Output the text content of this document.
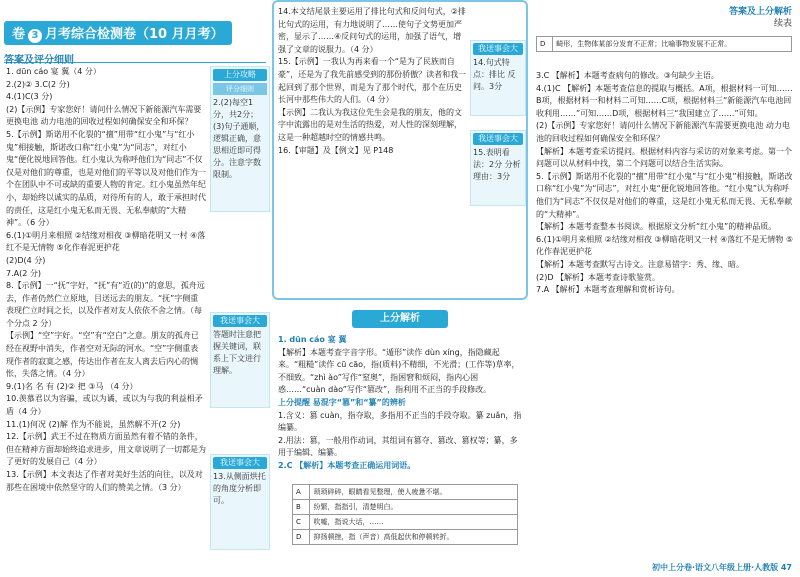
卷 3 月考综合检测卷（10 月月考）
答案及评分细则

1. dūn cáo 宴 翼（4 分）

2.(2)② 3.C(2 分)

4.(1)C(3 分)

(2)【示例】专家您好！请问什么情况下新能源汽车需要更换电池 动力电池的回收过程如何确保安全和环保？

5.【示例】斯诺用不化裂的“擅”用带“红小鬼”与“红小鬼”相接触，斯诺改口称“红小鬼”为“同志”，对红小鬼“便化锐地回答他。红小鬼认为称呼他们为“同志”不仅仅是对他们的尊重，也是对他们的平等以及对他们作为一个在团队中不可或缺的重要人物的肯定。红小鬼虽然年纪小，却始终以诚实的品质，对待所有的人，敢于承担时代的责任，这是红小鬼无私而无畏、无私奉献的“大精神”。（6 分）

6.(1)①明月来相照 ②结缘对相夜 ③柳暗花明又一村 ④落红不是无情物 ⑤化作春泥更护花

(2)D(4 分)

7.A(2 分)

8.【示例】一“抚”字好，“抚”有“近(的)”的意思，孤舟远去，作者仍然伫立原地，目送远去的朋友。“抚”字侧重表现伫立时间之长，以及作者对友人依依不舍之情。（每个分点 2 分）

【示例】“空”字好。“空”有“空白”之意。朋友的孤舟已经在视野中消失，作者空对无际的河水。“空”字侧重表现作者的寂寞之感，传达出作者在友人离去后内心的惆怅，失落之情。（4 分）

9.(1)名 名 有 (2)② 把 ③马 （4 分）

10.羡慕君以为容骗，或以为谲，或以为与我的利益相矛盾（4 分）

11.(1)何况 (2)解 作为不能说，虽然解不开(2 分)

12.【示例】武王不过在物质方面虽然有着不错的条件，但在精神方面却始终追求进步，用文章说明了一切都是为了更好的发展自己（4 分）

13.【示例】本文表达了作者对美好生活的向往，以及对那些在困境中依然坚守的人们的赞美之情。（3 分）

上分攻略
评分细则
2.(2)每空1分，共2分；(3)句子通顺，逻辑正确，意思相近即可得分。注意字数限制。
我送事会大
答题时注意把握关键词，联系上下文进行理解。
我送事会大
13.从侧面烘托的角度分析即可。

14.本文结尾景主要运用了排比句式和反问句式，②排比句式的运用，有力地说明了……使句子文势更加严密，显示了……④反问句式的运用，加强了语气，增强了文章的说服力。（4 分）

15.【示例】一我认为再来看一个“是为了民族而自豪”，还是为了我先前感受到的那份骄傲？读者和我一起回到了那个世界，而是为了那个时代，那个在历史长河中那些伟大的人们。（4 分）

【示例】二我认为我这位先生会是我的朋友，他的文字中流露出的是对生活的热爱，对人性的深刻理解，这是一种超越时空的情感共鸣。

16.【审题】及【例文】见 P148

我送事会大
14.句式特点：排比 反问。3分
我送事会大
15.表明看法：2分 分析理由：3分
上分解析

1. dūn cáo 宴 翼

【解析】本题考查字音字形。“遁形”读作 dùn xíng，指隐藏起来。“粗糙”读作 cū cāo，指(质料)不精细，不光滑；(工作等)草率，不细致。“zhì ào”写作“窒奥”，指困窘和烦闷，指内心困惑……“cuàn dào”写作“篡改”，指利用不正当的手段修改。

上分提醒 易混字“篡”和“纂”的辨析

1.含义：篡 cuàn，指夺取，多指用不正当的手段夺取。纂 zuǎn，指编纂。

2.用法：篡，一般用作动词，其组词有篡夺、篡改、篡权等；纂，多用于编辑、编纂。

2.C 【解析】本题考查正确运用词语。

A	琐琐碎碎，眼睛看见整理，使人疲惫不堪。
B	纷繁，指指引，清楚明白。
C	吹嘘，指说大话，……
D	抑扬顿挫，指（声音）高低起伏和停顿转折。
答案及上分解析
续表
D	畸形，生物体某部分发育不正常；比喻事物发展不正常。

3.C 【解析】本题考查病句的修改。③句缺少主语。

4.(1)C 【解析】本题考查信息的提取与概括。A项，根据材料一可知……B项，根据材料一和材料二可知……C项，根据材料三“新能源汽车电池回收利用……”可知……D项，根据材料三“我国建立了……”可知。

(2)【示例】专家您好！请问什么情况下新能源汽车需要更换电池 动力电池的回收过程如何确保安全和环保？

【解析】本题考查采访提问。根据材料内容与采访的对象来考虑。第一个问题可以从材料中找，第二个问题可以结合生活实际。

5.【示例】斯诺用不化裂的“擅”用带“红小鬼”与“红小鬼”相接触，斯诺改口称“红小鬼”为“同志”，对红小鬼“便化锐地回答他。“红小鬼”认为称呼他们为“同志”不仅仅是对他们的尊重，这是红小鬼无私而无畏、无私奉献的“大精神”。

【解析】本题考查整本书阅读。根据原文分析“红小鬼”的精神品质。

6.(1)①明月来相照 ②结缘对相夜 ③柳暗花明又一村 ④落红不是无情物 ⑤化作春泥更护花

【解析】本题考查默写古诗文。注意易错字：秀、缘、暗。

(2)D 【解析】本题考查诗歌鉴赏。

7.A 【解析】本题考查理解和赏析诗句。

初中上分卷·语文八年级上册·人教版 47
